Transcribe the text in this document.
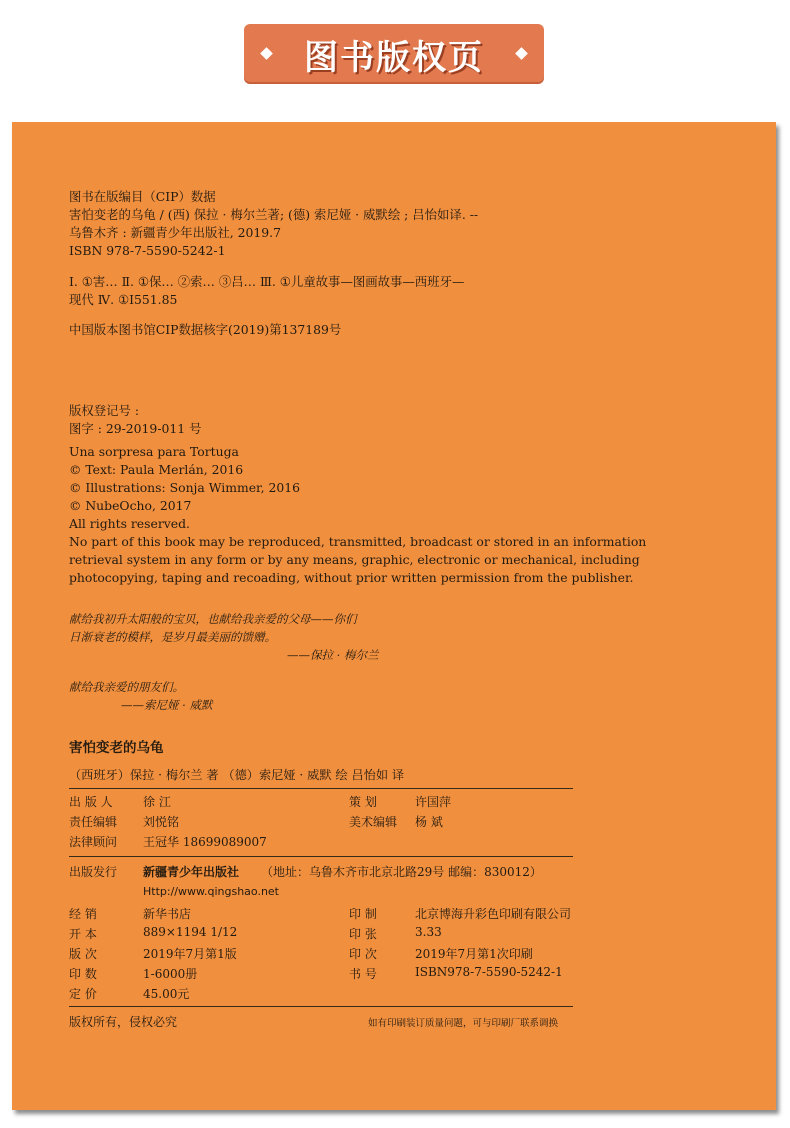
图书版权页
图书在版编目（CIP）数据
害怕变老的乌龟 / (西) 保拉 · 梅尔兰著; (德) 索尼娅 · 威默绘 ; 吕怡如译. --
乌鲁木齐 : 新疆青少年出版社, 2019.7
ISBN 978-7-5590-5242-1
Ⅰ. ①害… Ⅱ. ①保… ②索… ③吕… Ⅲ. ①儿童故事—图画故事—西班牙—
现代 Ⅳ. ①I551.85
中国版本图书馆CIP数据核字(2019)第137189号
版权登记号 :
图字 : 29-2019-011 号
Una sorpresa para Tortuga
© Text: Paula Merlán, 2016
© Illustrations: Sonja Wimmer, 2016
© NubeOcho, 2017
All rights reserved.
No part of this book may be reproduced, transmitted, broadcast or stored in an information
retrieval system in any form or by any means, graphic, electronic or mechanical, including
photocopying, taping and recoading, without prior written permission from the publisher.
献给我初升太阳般的宝贝，也献给我亲爱的父母——你们
日渐衰老的模样，是岁月最美丽的馈赠。
——保拉 · 梅尔兰
献给我亲爱的朋友们。
——索尼娅 · 威默
害怕变老的乌龟
（西班牙）保拉 · 梅尔兰 著 （德）索尼娅 · 威默 绘 吕怡如 译
出 版 人	徐 江	策 划	许国萍
责任编辑 刘悦铭	美术编辑 杨 斌
法律顾问 王冠华 18699089007
出版发行 新疆青少年出版社 （地址：乌鲁木齐市北京北路29号 邮编：830012）
Http://www.qingshao.net
经 销	新华书店	印 制	北京博海升彩色印刷有限公司
开 本	889×1194 1/12	印 张	3.33
版 次	2019年7月第1版	印 次	2019年7月第1次印刷
印 数	1-6000册	书 号	ISBN978-7-5590-5242-1
定 价	45.00元
版权所有，侵权必究	如有印刷装订质量问题，可与印刷厂联系调换
